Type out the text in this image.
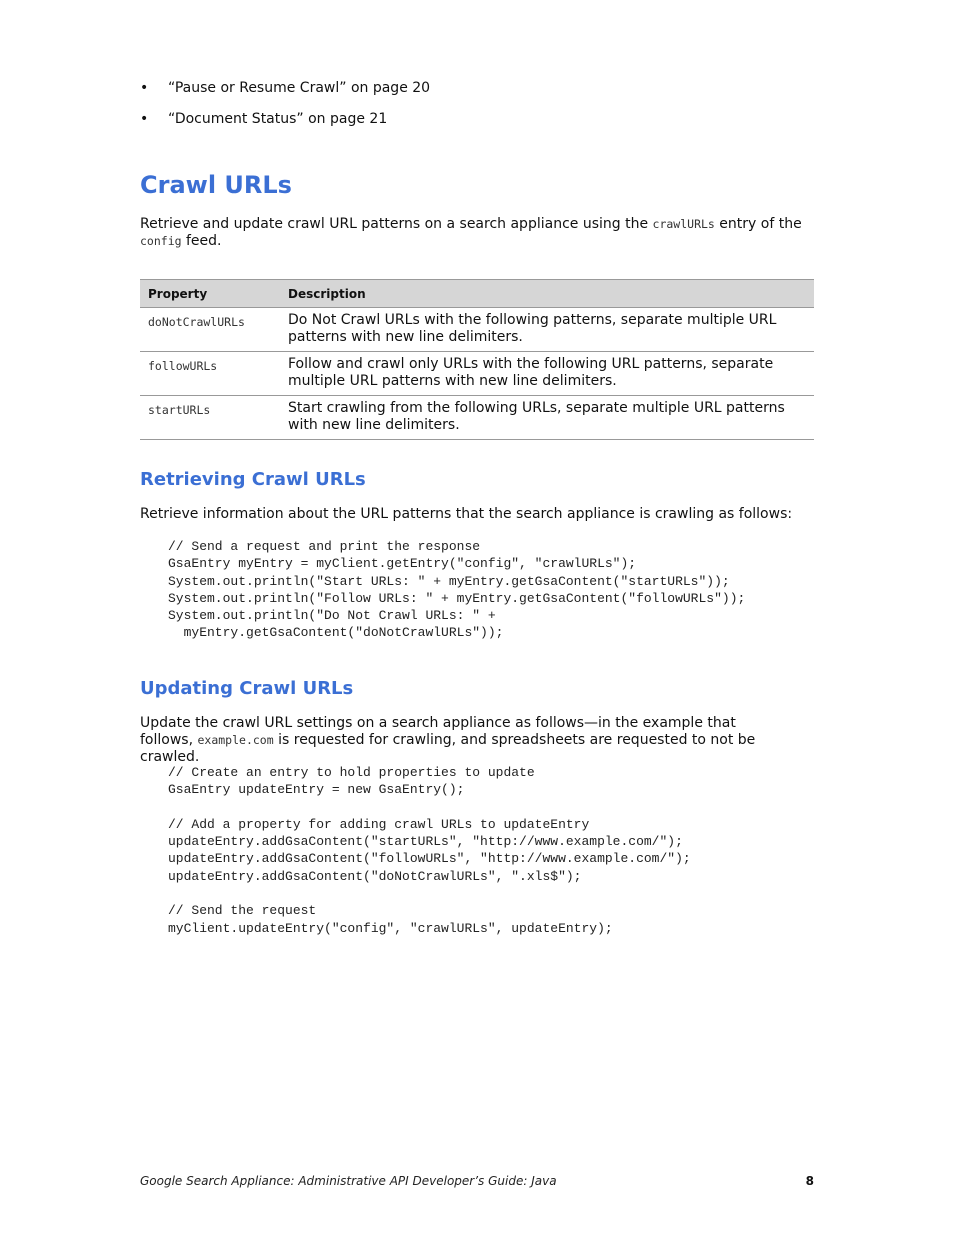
• “Pause or Resume Crawl” on page 20
• “Document Status” on page 21
Crawl URLs

Retrieve and update crawl URL patterns on a search appliance using the crawlURLs entry of the config feed.

Property	Description
doNotCrawlURLs	Do Not Crawl URLs with the following patterns, separate multiple URL patterns with new line delimiters.
followURLs	Follow and crawl only URLs with the following URL patterns, separate multiple URL patterns with new line delimiters.
startURLs	Start crawling from the following URLs, separate multiple URL patterns with new line delimiters.
Retrieving Crawl URLs

Retrieve information about the URL patterns that the search appliance is crawling as follows:

// Send a request and print the response
GsaEntry myEntry = myClient.getEntry("config", "crawlURLs");
System.out.println("Start URLs: " + myEntry.getGsaContent("startURLs"));
System.out.println("Follow URLs: " + myEntry.getGsaContent("followURLs"));
System.out.println("Do Not Crawl URLs: " +
myEntry.getGsaContent("doNotCrawlURLs"));
Updating Crawl URLs

Update the crawl URL settings on a search appliance as follows—in the example that follows, example.com is requested for crawling, and spreadsheets are requested to not be crawled.

// Create an entry to hold properties to update
GsaEntry updateEntry = new GsaEntry();

// Add a property for adding crawl URLs to updateEntry
updateEntry.addGsaContent("startURLs", "http://www.example.com/");
updateEntry.addGsaContent("followURLs", "http://www.example.com/");
updateEntry.addGsaContent("doNotCrawlURLs", ".xls$");

// Send the request
myClient.updateEntry("config", "crawlURLs", updateEntry);
Google Search Appliance: Administrative API Developer’s Guide: Java	8
